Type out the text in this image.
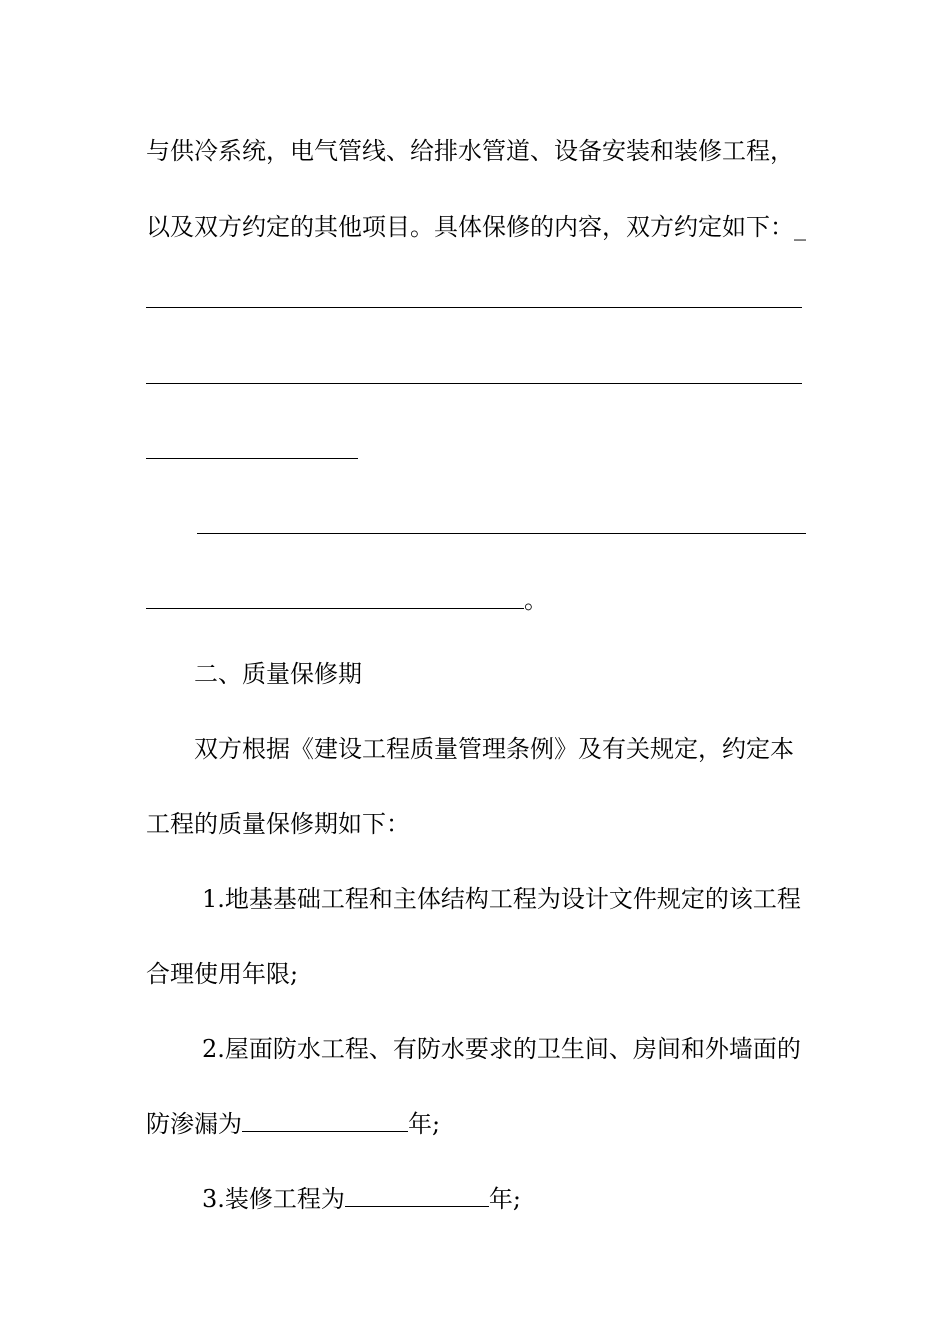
与供冷系统，电气管线、给排水管道、设备安装和装修工程，
以及双方约定的其他项目。具体保修的内容，双方约定如下：_
。
二、质量保修期
双方根据《建设工程质量管理条例》及有关规定，约定本
工程的质量保修期如下：
1.地基基础工程和主体结构工程为设计文件规定的该工程
合理使用年限;
2.屋面防水工程、有防水要求的卫生间、房间和外墙面的
防渗漏为	年;
3.装修工程为	年;
